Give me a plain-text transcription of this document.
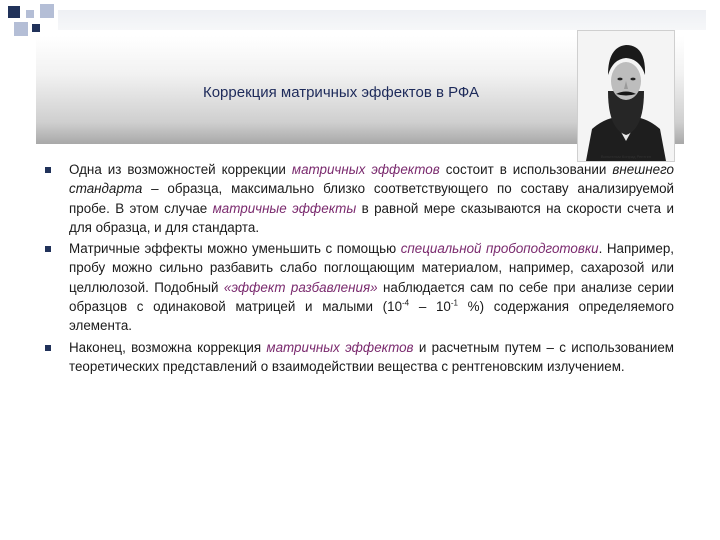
Коррекция матричных эффектов в РФА
Вильгельм Конрад Рентген

Одна из возможностей коррекции матричных эффектов состоит в использовании внешнего стандарта – образца, максимально близко соответствующего по составу анализируемой пробе. В этом случае матричные эффекты в равной мере сказываются на скорости счета и для образца, и для стандарта.

Матричные эффекты можно уменьшить с помощью специальной пробоподготовки. Например, пробу можно сильно разбавить слабо поглощающим материалом, например, сахарозой или целлюлозой. Подобный «эффект разбавления» наблюдается сам по себе при анализе серии образцов с одинаковой матрицей и малыми ($10^{-4} - 10^{-1}$ %) содержания определяемого элемента.

Наконец, возможна коррекция матричных эффектов и расчетным путем – с использованием теоретических представлений о взаимодействии вещества с рентгеновским излучением.
